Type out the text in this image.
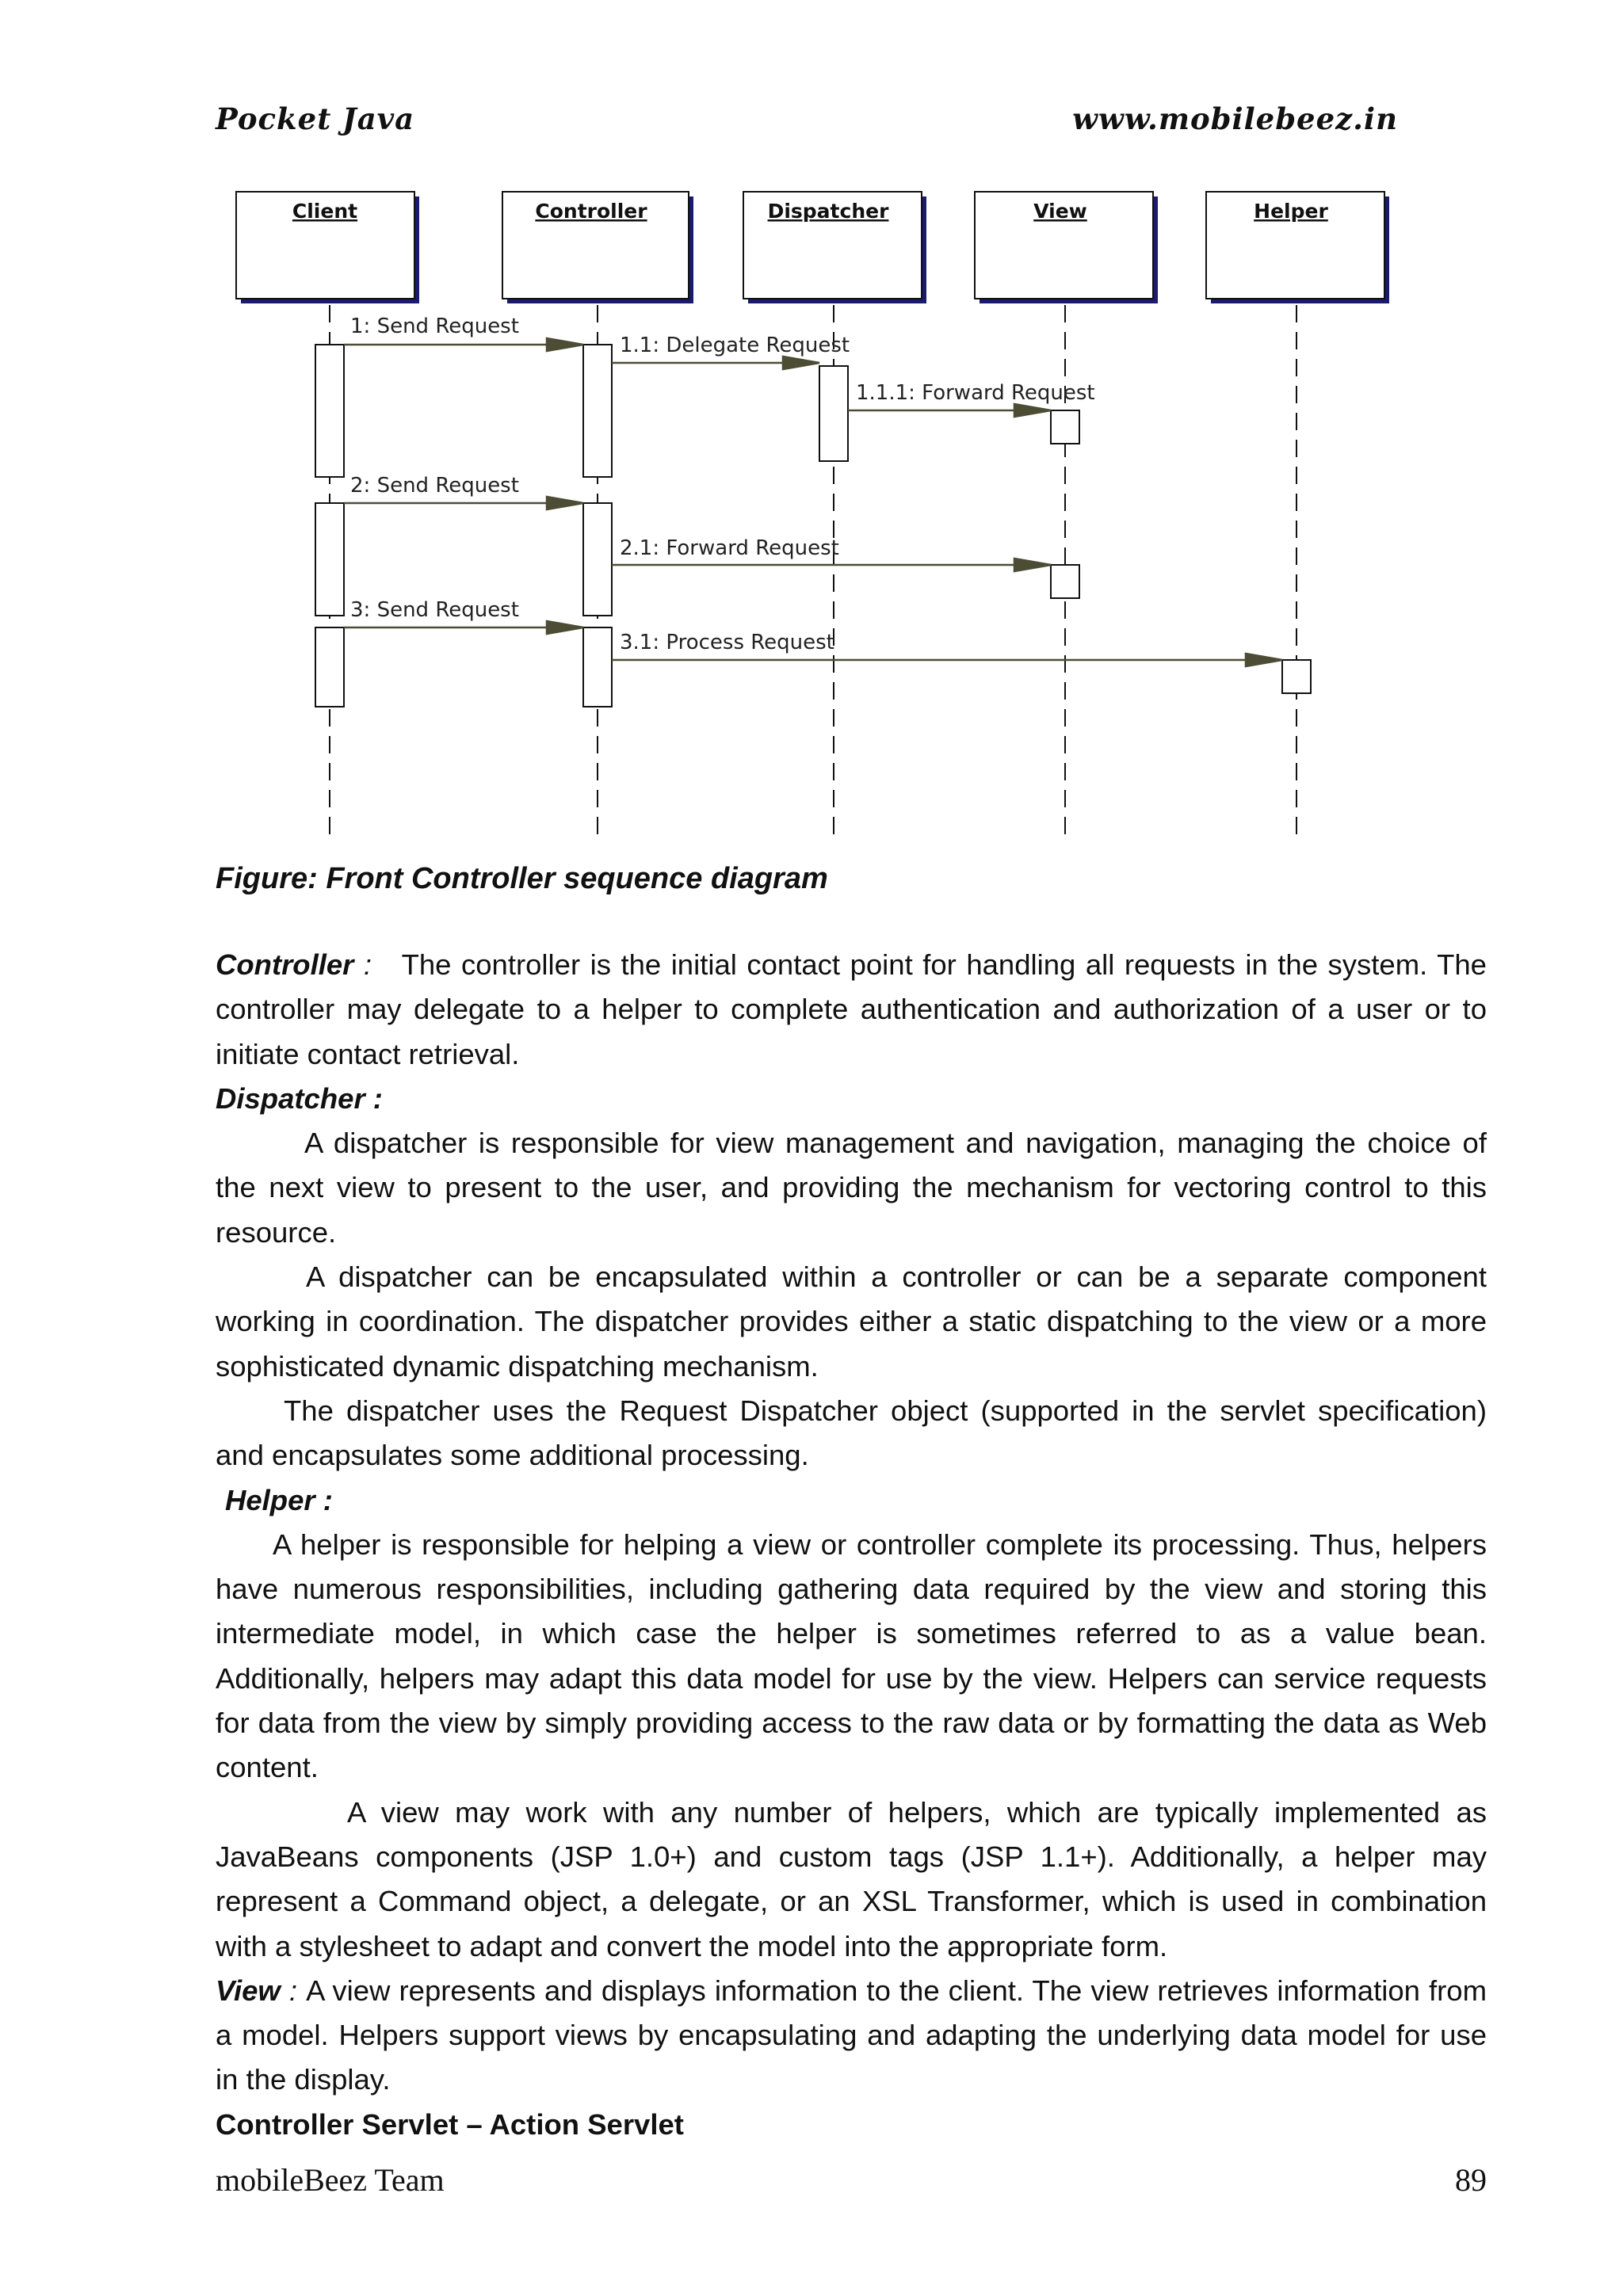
Pocket Java	www.mobilebeez.in
Client	Controller	Dispatcher	View	Helper
1: Send Request
1.1: Delegate Request
1.1.1: Forward Request
2: Send Request
2.1: Forward Request
3: Send Request
3.1: Process Request
Figure: Front Controller sequence diagram

Controller :   The controller is the initial contact point for handling all requests in the system. The controller may delegate to a helper to complete authentication and authorization of a user or to initiate contact retrieval.

Dispatcher :

A dispatcher is responsible for view management and navigation, managing the choice of the next view to present to the user, and providing the mechanism for vectoring control to this resource.

A dispatcher can be encapsulated within a controller or can be a separate component working in coordination. The dispatcher provides either a static dispatching to the view or a more sophisticated dynamic dispatching mechanism.

The dispatcher uses the Request Dispatcher object (supported in the servlet specification) and encapsulates some additional processing.

Helper :

A helper is responsible for helping a view or controller complete its processing. Thus, helpers have numerous responsibilities, including gathering data required by the view and storing this intermediate model, in which case the helper is sometimes referred to as a value bean. Additionally, helpers may adapt this data model for use by the view. Helpers can service requests for data from the view by simply providing access to the raw data or by formatting the data as Web content.

A view may work with any number of helpers, which are typically implemented as JavaBeans components (JSP 1.0+) and custom tags (JSP 1.1+). Additionally, a helper may represent a Command object, a delegate, or an XSL Transformer, which is used in combination with a stylesheet to adapt and convert the model into the appropriate form.

View : A view represents and displays information to the client. The view retrieves information from a model. Helpers support views by encapsulating and adapting the underlying data model for use in the display.

Controller Servlet – Action Servlet

mobileBeez Team	89
